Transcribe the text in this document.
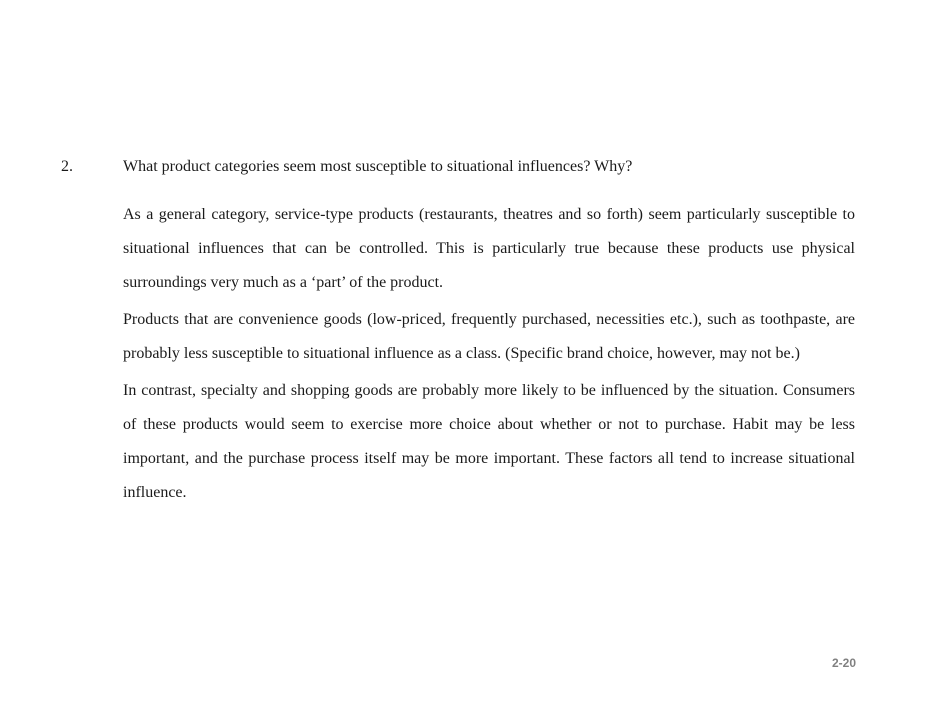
2.	What product categories seem most susceptible to situational influences? Why?

As a general category, service-type products (restaurants, theatres and so forth) seem particularly susceptible to situational influences that can be controlled. This is particularly true because these products use physical surroundings very much as a ‘part’ of the product.

Products that are convenience goods (low-priced, frequently purchased, necessities etc.), such as toothpaste, are probably less susceptible to situational influence as a class. (Specific brand choice, however, may not be.)

In contrast, specialty and shopping goods are probably more likely to be influenced by the situation. Consumers of these products would seem to exercise more choice about whether or not to purchase. Habit may be less important, and the purchase process itself may be more important. These factors all tend to increase situational influence.

2-20
